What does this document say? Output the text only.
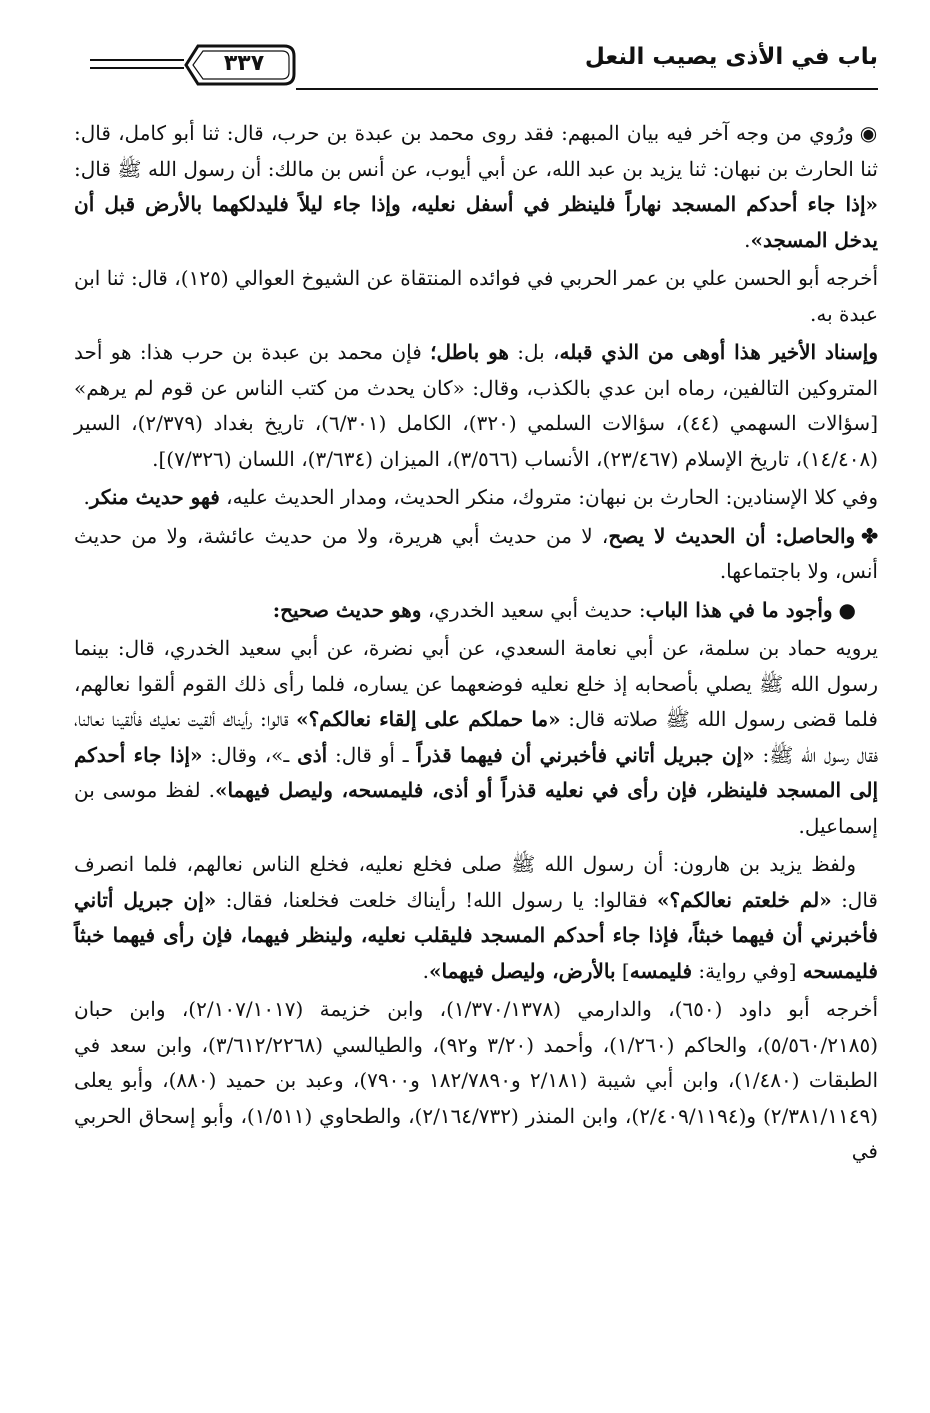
باب في الأذى يصيب النعل
٣٣٧

◉ورُوي من وجه آخر فيه بيان المبهم: فقد روى محمد بن عبدة بن حرب، قال: ثنا أبو كامل، قال: ثنا الحارث بن نبهان: ثنا يزيد بن عبد الله، عن أبي أيوب، عن أنس بن مالك: أن رسول الله ﷺ قال: «إذا جاء أحدكم المسجد نهاراً فلينظر في أسفل نعليه، وإذا جاء ليلاً فليدلكهما بالأرض قبل أن يدخل المسجد».

أخرجه أبو الحسن علي بن عمر الحربي في فوائده المنتقاة عن الشيوخ العوالي (١٢٥)، قال: ثنا ابن عبدة به.

وإسناد الأخير هذا أوهى من الذي قبله، بل: هو باطل؛ فإن محمد بن عبدة بن حرب هذا: هو أحد المتروكين التالفين، رماه ابن عدي بالكذب، وقال: «كان يحدث من كتب الناس عن قوم لم يرهم» [سؤالات السهمي (٤٤)، سؤالات السلمي (٣٢٠)، الكامل (٦/٣٠١)، تاريخ بغداد (٢/٣٧٩)، السير (١٤/٤٠٨)، تاريخ الإسلام (٢٣/٤٦٧)، الأنساب (٣/٥٦٦)، الميزان (٣/٦٣٤)، اللسان (٧/٣٢٦)].

وفي كلا الإسنادين: الحارث بن نبهان: متروك، منكر الحديث، ومدار الحديث عليه، فهو حديث منكر.

✤والحاصل: أن الحديث لا يصح، لا من حديث أبي هريرة، ولا من حديث عائشة، ولا من حديث أنس، ولا باجتماعها.

●وأجود ما في هذا الباب: حديث أبي سعيد الخدري، وهو حديث صحيح:

يرويه حماد بن سلمة، عن أبي نعامة السعدي، عن أبي نضرة، عن أبي سعيد الخدري، قال: بينما رسول الله ﷺ يصلي بأصحابه إذ خلع نعليه فوضعهما عن يساره، فلما رأى ذلك القوم ألقوا نعالهم، فلما قضى رسول الله ﷺ صلاته قال: «ما حملكم على إلقاء نعالكم؟» قالوا: رأيناك ألقيت نعليك فألقينا نعالنا، فقال رسول الله ﷺ: «إن جبريل أتاني فأخبرني أن فيهما قذراً ـ أو قال: أذى ـ»، وقال: «إذا جاء أحدكم إلى المسجد فلينظر، فإن رأى في نعليه قذراً أو أذى، فليمسحه، وليصل فيهما». لفظ موسى بن إسماعيل.

ولفظ يزيد بن هارون: أن رسول الله ﷺ صلى فخلع نعليه، فخلع الناس نعالهم، فلما انصرف قال: «لم خلعتم نعالكم؟» فقالوا: يا رسول الله! رأيناك خلعت فخلعنا، فقال: «إن جبريل أتاني فأخبرني أن فيهما خبثاً، فإذا جاء أحدكم المسجد فليقلب نعليه، ولينظر فيهما، فإن رأى فيهما خبثاً فليمسحه [وفي رواية: فليمسه] بالأرض، وليصل فيهما».

أخرجه أبو داود (٦٥٠)، والدارمي (١/٣٧٠/١٣٧٨)، وابن خزيمة (٢/١٠٧/١٠١٧)، وابن حبان (٥/٥٦٠/٢١٨٥)، والحاكم (١/٢٦٠)، وأحمد (٣/٢٠ و٩٢)، والطيالسي (٣/٦١٢/٢٢٦٨)، وابن سعد في الطبقات (١/٤٨٠)، وابن أبي شيبة (٢/١٨١ و١٨٢/٧٨٩٠ و٧٩٠٠)، وعبد بن حميد (٨٨٠)، وأبو يعلى (٢/٣٨١/١١٤٩) و(٢/٤٠٩/١١٩٤)، وابن المنذر (٢/١٦٤/٧٣٢)، والطحاوي (١/٥١١)، وأبو إسحاق الحربي في
